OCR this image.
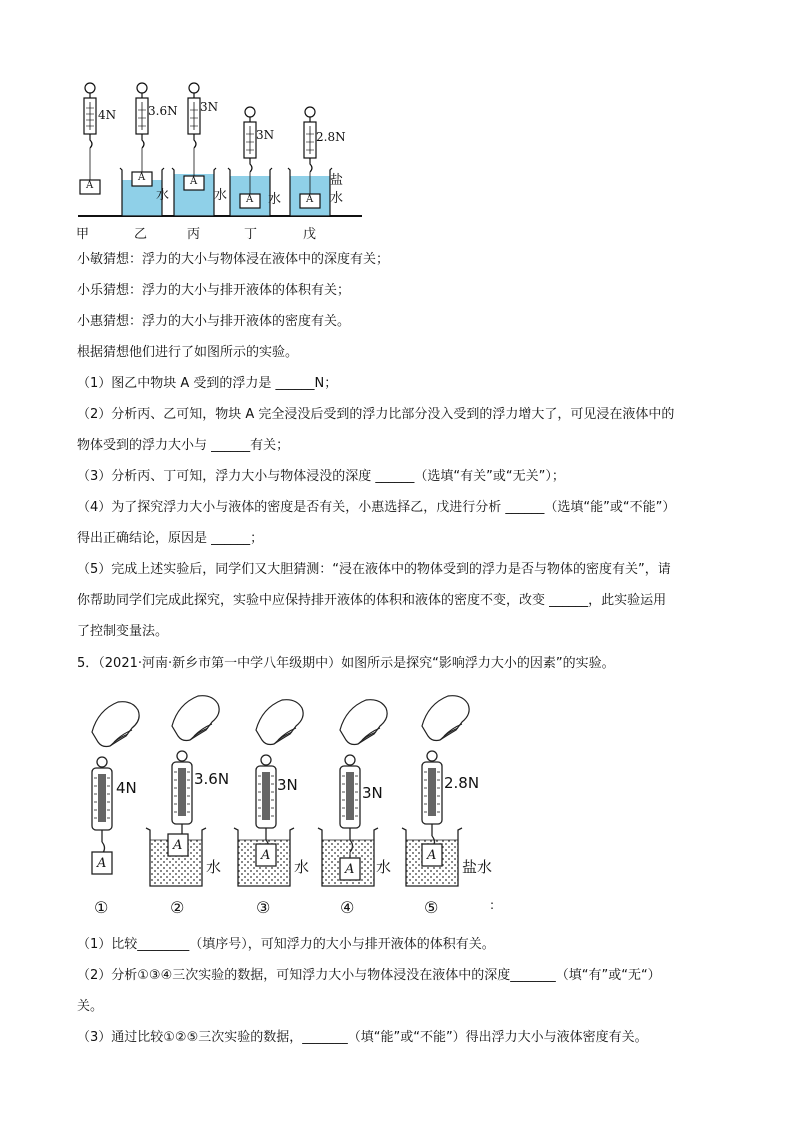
4N	3.6N 3N
3N	2.8N
A
A	A
A	A
水	水	水
盐水
甲	乙	丙	丁	戊
小敏猜想：浮力的大小与物体浸在液体中的深度有关；
小乐猜想：浮力的大小与排开液体的体积有关；
小惠猜想：浮力的大小与排开液体的密度有关。
根据猜想他们进行了如图所示的实验。
（1）图乙中物块 A 受到的浮力是 ______N；
（2）分析丙、乙可知，物块 A 完全浸没后受到的浮力比部分没入受到的浮力增大了，可见浸在液体中的
物体受到的浮力大小与 ______有关；
（3）分析丙、丁可知，浮力大小与物体浸没的深度 ______（选填“有关”或“无关”）；
（4）为了探究浮力大小与液体的密度是否有关，小惠选择乙，戊进行分析 ______（选填“能”或“不能”）
得出正确结论，原因是 ______；
（5）完成上述实验后，同学们又大胆猜测：“浸在液体中的物体受到的浮力是否与物体的密度有关”，请
你帮助同学们完成此探究，实验中应保持排开液体的体积和液体的密度不变，改变 ______，此实验运用
了控制变量法。
5．（2021·河南·新乡市第一中学八年级期中）如图所示是探究“影响浮力大小的因素”的实验。
4N	3.6N	3N	3N
2.8N
A
A
A
A
A
水	水	水	盐水
①	②	③	④	⑤	:
（1）比较________（填序号），可知浮力的大小与排开液体的体积有关。
（2）分析①③④三次实验的数据，可知浮力大小与物体浸没在液体中的深度_______（填“有”或“无“）
关。
（3）通过比较①②⑤三次实验的数据，_______（填“能”或“不能”）得出浮力大小与液体密度有关。
